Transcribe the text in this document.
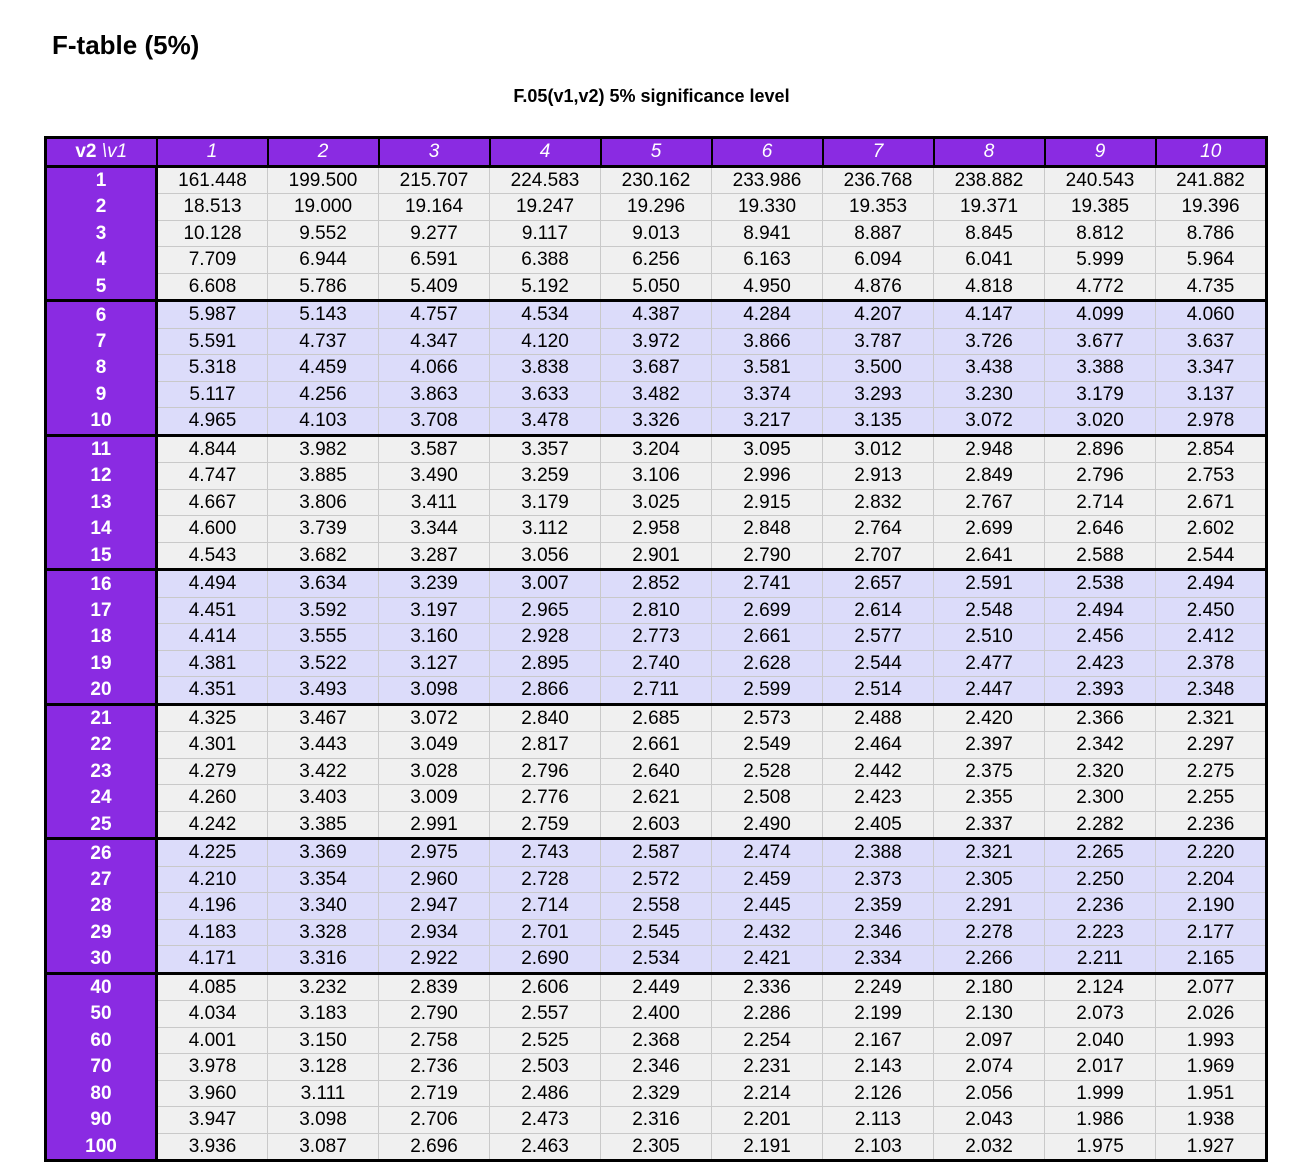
F-table (5%)
F.05(v1,v2) 5% significance level
v2 \v1	1	2	3	4	5	6	7	8	9	10
1	161.448	199.500	215.707	224.583	230.162	233.986	236.768	238.882	240.543	241.882
2	18.513	19.000	19.164	19.247	19.296	19.330	19.353	19.371	19.385	19.396
3	10.128	9.552	9.277	9.117	9.013	8.941	8.887	8.845	8.812	8.786
4	7.709	6.944	6.591	6.388	6.256	6.163	6.094	6.041	5.999	5.964
5	6.608	5.786	5.409	5.192	5.050	4.950	4.876	4.818	4.772	4.735
6	5.987	5.143	4.757	4.534	4.387	4.284	4.207	4.147	4.099	4.060
7	5.591	4.737	4.347	4.120	3.972	3.866	3.787	3.726	3.677	3.637
8	5.318	4.459	4.066	3.838	3.687	3.581	3.500	3.438	3.388	3.347
9	5.117	4.256	3.863	3.633	3.482	3.374	3.293	3.230	3.179	3.137
10	4.965	4.103	3.708	3.478	3.326	3.217	3.135	3.072	3.020	2.978
11	4.844	3.982	3.587	3.357	3.204	3.095	3.012	2.948	2.896	2.854
12	4.747	3.885	3.490	3.259	3.106	2.996	2.913	2.849	2.796	2.753
13	4.667	3.806	3.411	3.179	3.025	2.915	2.832	2.767	2.714	2.671
14	4.600	3.739	3.344	3.112	2.958	2.848	2.764	2.699	2.646	2.602
15	4.543	3.682	3.287	3.056	2.901	2.790	2.707	2.641	2.588	2.544
16	4.494	3.634	3.239	3.007	2.852	2.741	2.657	2.591	2.538	2.494
17	4.451	3.592	3.197	2.965	2.810	2.699	2.614	2.548	2.494	2.450
18	4.414	3.555	3.160	2.928	2.773	2.661	2.577	2.510	2.456	2.412
19	4.381	3.522	3.127	2.895	2.740	2.628	2.544	2.477	2.423	2.378
20	4.351	3.493	3.098	2.866	2.711	2.599	2.514	2.447	2.393	2.348
21	4.325	3.467	3.072	2.840	2.685	2.573	2.488	2.420	2.366	2.321
22	4.301	3.443	3.049	2.817	2.661	2.549	2.464	2.397	2.342	2.297
23	4.279	3.422	3.028	2.796	2.640	2.528	2.442	2.375	2.320	2.275
24	4.260	3.403	3.009	2.776	2.621	2.508	2.423	2.355	2.300	2.255
25	4.242	3.385	2.991	2.759	2.603	2.490	2.405	2.337	2.282	2.236
26	4.225	3.369	2.975	2.743	2.587	2.474	2.388	2.321	2.265	2.220
27	4.210	3.354	2.960	2.728	2.572	2.459	2.373	2.305	2.250	2.204
28	4.196	3.340	2.947	2.714	2.558	2.445	2.359	2.291	2.236	2.190
29	4.183	3.328	2.934	2.701	2.545	2.432	2.346	2.278	2.223	2.177
30	4.171	3.316	2.922	2.690	2.534	2.421	2.334	2.266	2.211	2.165
40	4.085	3.232	2.839	2.606	2.449	2.336	2.249	2.180	2.124	2.077
50	4.034	3.183	2.790	2.557	2.400	2.286	2.199	2.130	2.073	2.026
60	4.001	3.150	2.758	2.525	2.368	2.254	2.167	2.097	2.040	1.993
70	3.978	3.128	2.736	2.503	2.346	2.231	2.143	2.074	2.017	1.969
80	3.960	3.111	2.719	2.486	2.329	2.214	2.126	2.056	1.999	1.951
90	3.947	3.098	2.706	2.473	2.316	2.201	2.113	2.043	1.986	1.938
100	3.936	3.087	2.696	2.463	2.305	2.191	2.103	2.032	1.975	1.927
